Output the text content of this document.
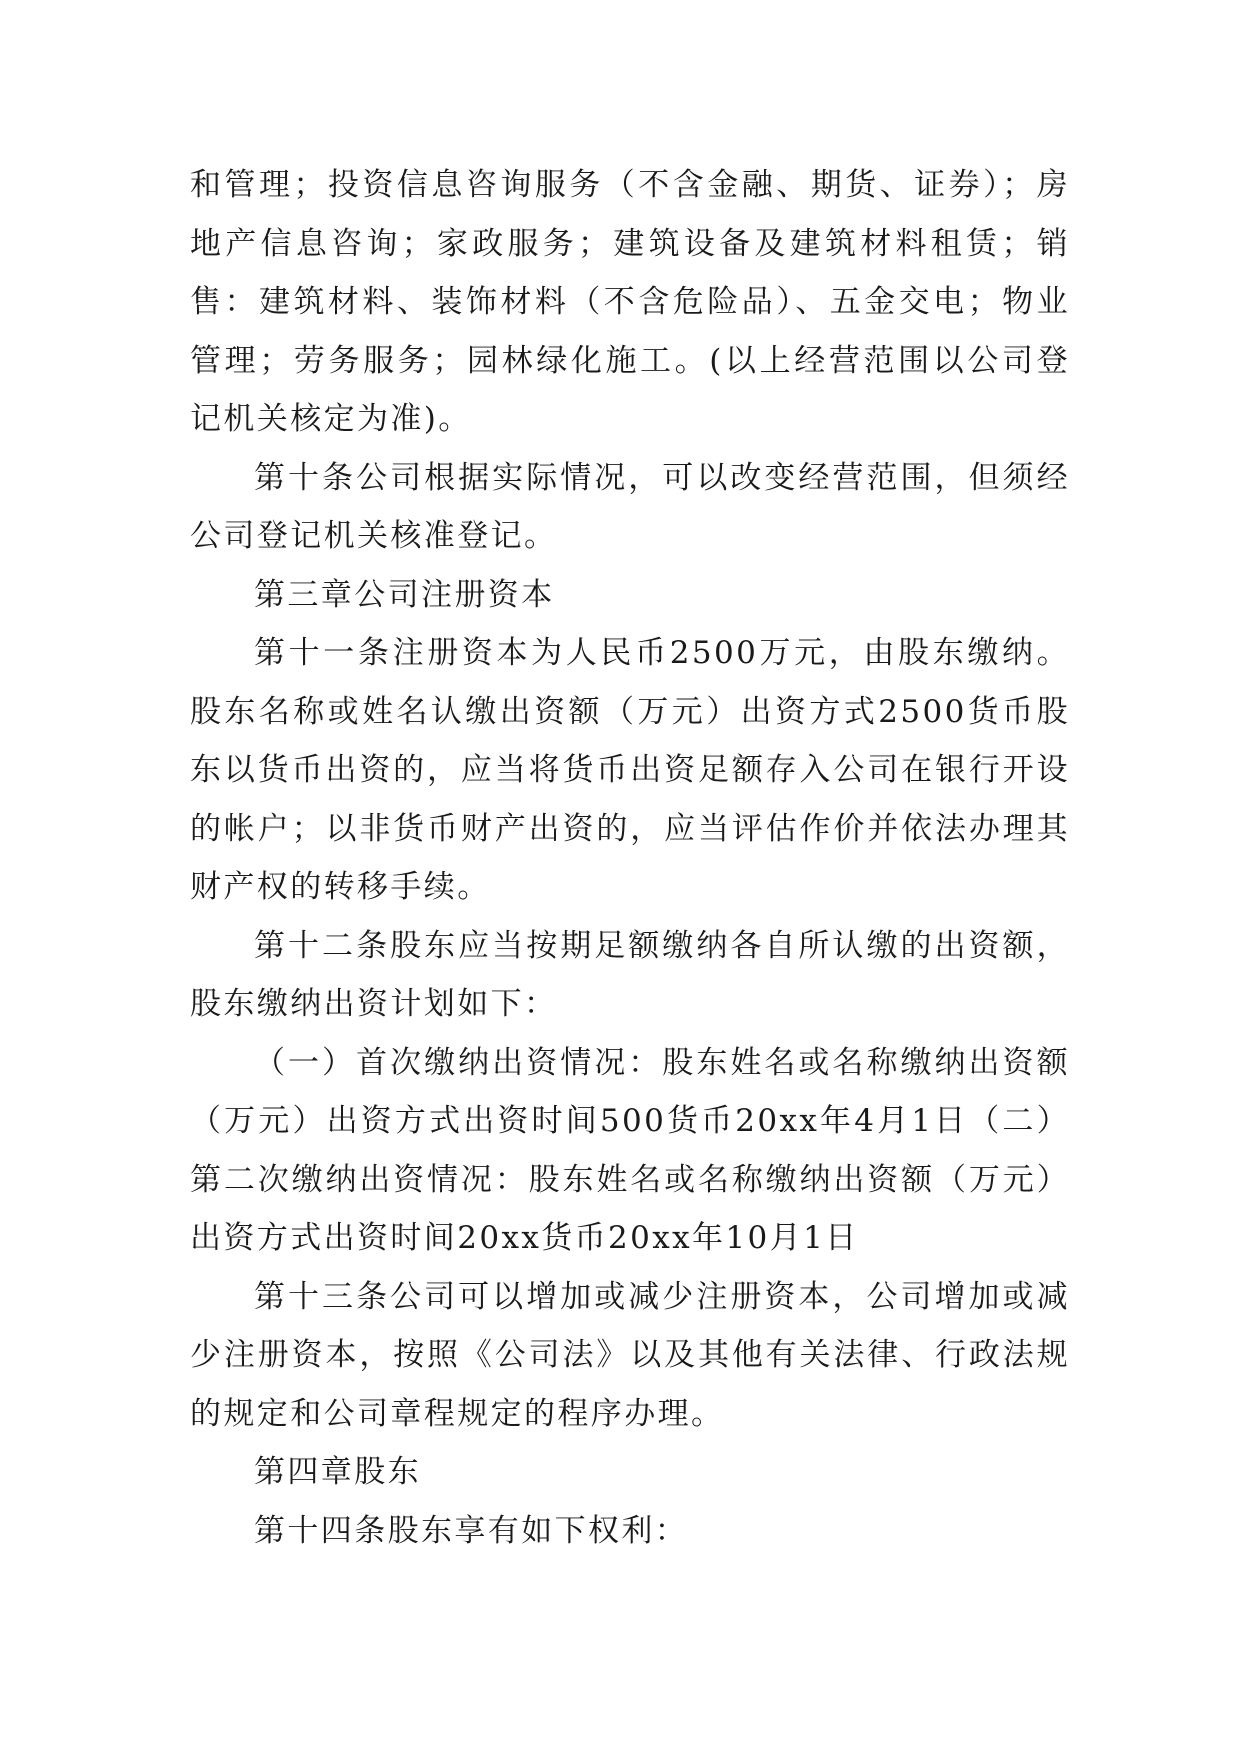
和管理；投资信息咨询服务（不含金融、期货、证券）；房地产信息咨询；家政服务；建筑设备及建筑材料租赁；销售：建筑材料、装饰材料（不含危险品）、五金交电；物业管理；劳务服务；园林绿化施工。(以上经营范围以公司登记机关核定为准)。

第十条公司根据实际情况，可以改变经营范围，但须经公司登记机关核准登记。

第三章公司注册资本

第十一条注册资本为人民币2500万元，由股东缴纳。股东名称或姓名认缴出资额（万元）出资方式2500货币股东以货币出资的，应当将货币出资足额存入公司在银行开设的帐户；以非货币财产出资的，应当评估作价并依法办理其财产权的转移手续。

第十二条股东应当按期足额缴纳各自所认缴的出资额，股东缴纳出资计划如下：

（一）首次缴纳出资情况：股东姓名或名称缴纳出资额（万元）出资方式出资时间500货币20xx年4月1日（二）第二次缴纳出资情况：股东姓名或名称缴纳出资额（万元）出资方式出资时间20xx货币20xx年10月1日

第十三条公司可以增加或减少注册资本，公司增加或减少注册资本，按照《公司法》以及其他有关法律、行政法规的规定和公司章程规定的程序办理。

第四章股东

第十四条股东享有如下权利：
